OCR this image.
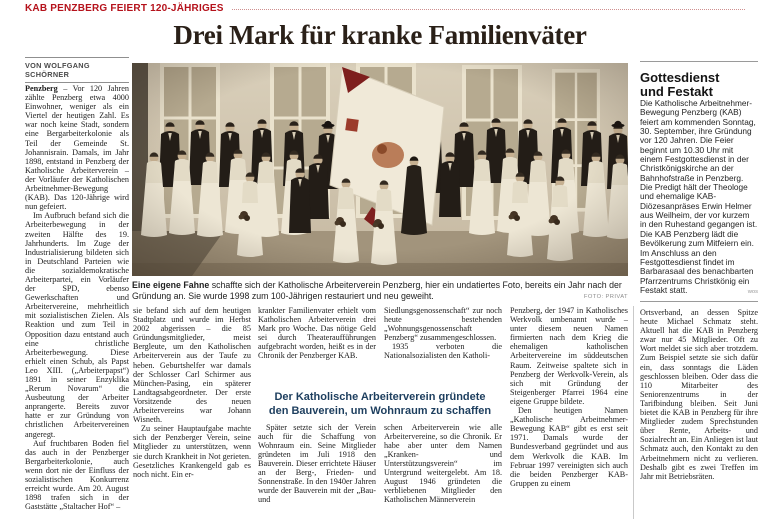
KAB PENZBERG FEIERT 120-JÄHRIGES
Drei Mark für kranke Familienväter
VON WOLFGANG SCHÖRNER

Penzberg – Vor 120 Jahren zählte Penzberg etwa 4000 Einwohner, weniger als ein Viertel der heutigen Zahl. Es war noch keine Stadt, sondern eine Bergarbeiterkolonie als Teil der Gemeinde St. Johannisrain. Damals, im Jahr 1898, entstand in Penzberg der Katholische Arbeiterverein – der Vorläufer der Katholischen Arbeitnehmer-Bewegung (KAB). Das 120-Jährige wird nun gefeiert.

Im Aufbruch befand sich die Arbeiterbewegung in der zweiten Hälfte des 19. Jahrhunderts. Im Zuge der Industrialisierung bildeten sich in Deutschland Parteien wie die sozialdemokratische Arbeiterpartei, ein Vorläufer der SPD, ebenso Gewerkschaften und Arbeitervereine, mehrheitlich mit sozialistischen Zielen. Als Reaktion und zum Teil in Opposition dazu entstand auch eine christliche Arbeiterbewegung. Diese erhielt einen Schub, als Papst Leo XIII. („Arbeiterpapst“) 1891 in seiner Enzyklika „Rerum Novarum“ die Ausbeutung der Arbeiter anprangerte. Bereits zuvor hatte er zur Gründung von christlichen Arbeitervereinen angeregt.

Auf fruchtbaren Boden fiel das auch in der Penzberger Bergarbeiterkolonie, auch wenn dort nie der Einfluss der sozialistischen Konkurrenz erreicht wurde. Am 20. August 1898 trafen sich in der Gaststätte „Staltacher Hof“ –

Eine eigene Fahne schaffte sich der Katholische Arbeiterverein Penzberg, hier ein undatiertes Foto, bereits ein Jahr nach der Gründung an. Sie wurde 1998 zum 100-Jährigen restauriert und neu geweiht.	FOTO: PRIVAT

sie befand sich auf dem heutigen Stadtplatz und wurde im Herbst 2002 abgerissen – die 85 Gründungsmitglieder, meist Bergleute, um den Katholischen Arbeiterverein aus der Taufe zu heben. Geburtshelfer war damals der Schlosser Carl Schirmer aus München-Pasing, ein späterer Landtagsabgeordneter. Der erste Vorsitzende des neuen Arbeitervereins war Johann Wisneth.

Zu seiner Hauptaufgabe machte sich der Penzberger Verein, seine Mitglieder zu unterstützen, wenn sie durch Krankheit in Not gerieten. Gesetzliches Krankengeld gab es noch nicht. Ein er-

krankter Familienvater erhielt vom Katholischen Arbeiterverein drei Mark pro Woche. Das nötige Geld sei durch Theateraufführungen aufgebracht worden, heißt es in der Chronik der Penzberger KAB.

Später setzte sich der Verein auch für die Schaffung von Wohnraum ein. Seine Mitglieder gründeten im Juli 1918 den Bauverein. Dieser errichtete Häuser an der Berg-, Frieden- und Sonnenstraße. In den 1940er Jahren wurde der Bauverein mit der „Bau- und

Siedlungsgenossenschaft“ zur noch heute bestehenden „Wohnungsgenossenschaft Penzberg“ zusammengeschlossen.

1935 verboten die Nationalsozialisten den Katholi-

schen Arbeiterverein wie alle Arbeitervereine, so die Chronik. Er habe aber unter dem Namen „Kranken- und Unterstützungsverein“ im Untergrund weitergelebt. Am 18. August 1946 gründeten die verbliebenen Mitglieder den Katholischen Männerverein

Penzberg, der 1947 in Katholisches Werkvolk umbenannt wurde – unter diesem neuen Namen firmierten nach dem Krieg die ehemaligen katholischen Arbeitervereine im süddeutschen Raum. Zeitweise spaltete sich in Penzberg der Werkvolk-Verein, als sich mit Gründung der Steigenberger Pfarrei 1964 eine eigene Gruppe bildete.

Den heutigen Namen „Katholische Arbeitnehmer-Bewegung KAB“ gibt es erst seit 1971. Damals wurde der Bundesverband gegründet und aus dem Werkvolk die KAB. Im Februar 1997 vereinigten sich auch die beiden Penzberger KAB-Gruppen zu einem

Der Katholische Arbeiterverein gründete
den Bauverein, um Wohnraum zu schaffen
Gottesdienst
und Festakt

Die Katholische Arbeitnehmer-Bewegung Penzberg (KAB) feiert am kommenden Sonntag, 30. September, ihre Gründung vor 120 Jahren. Die Feier beginnt um 10.30 Uhr mit einem Festgottesdienst in der Christkönigskirche an der Bahnhofstraße in Penzberg. Die Predigt hält der Theologe und ehemalige KAB-Diözesanpräses Erwin Helmer aus Weilheim, der vor kurzem in den Ruhestand gegangen ist. Die KAB Penzberg lädt die Bevölkerung zum Mitfeiern ein. Im Anschluss an den Festgottesdienst findet im Barbarasaal des benachbarten Pfarrzentrums Christkönig ein Festakt statt.	wos

Ortsverband, an dessen Spitze heute Michael Schmatz steht. Aktuell hat die KAB in Penzberg zwar nur 45 Mitglieder. Oft zu Wort meldet sie sich aber trotzdem. Zum Beispiel setzte sie sich dafür ein, dass sonntags die Läden geschlossen bleiben. Oder dass die 110 Mitarbeiter des Seniorenzentrums in der Tarifbindung bleiben. Seit Juni bietet die KAB in Penzberg für ihre Mitglieder zudem Sprechstunden über Rente, Arbeits- und Sozialrecht an. Ein Anliegen ist laut Schmatz auch, den Kontakt zu den Arbeitnehmern nicht zu verlieren. Deshalb gibt es zwei Treffen im Jahr mit Betriebsräten.
